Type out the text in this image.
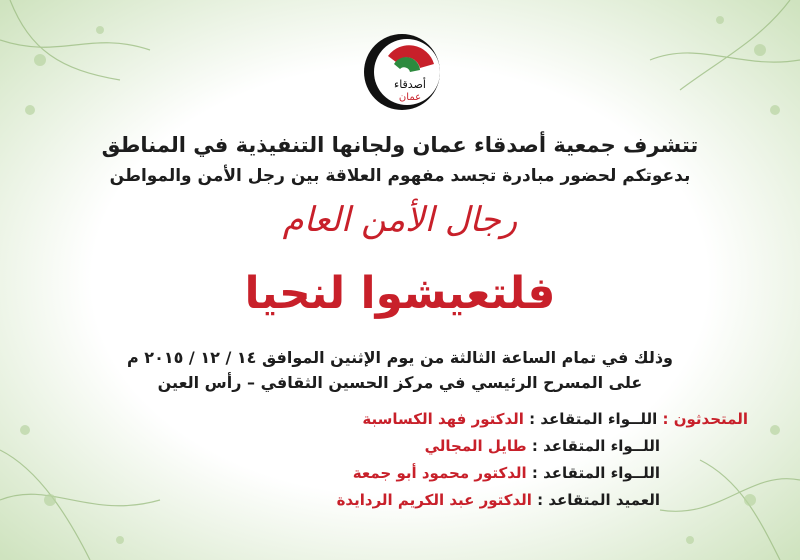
أصدقاء
عمان
تتشرف جمعية أصدقاء عمان ولجانها التنفيذية في المناطق
بدعوتكم لحضور مبادرة تجسد مفهوم العلاقة بين رجل الأمن والمواطن
رجال الأمن العام
فلتعيشوا لنحيا
وذلك في تمام الساعة الثالثة من يوم الإثنين الموافق ١٤ / ١٢ / ٢٠١٥ م
على المسرح الرئيسي في مركز الحسين الثقافي – رأس العين
المتحدثون : اللــواء المتقاعد : الدكتور فهد الكساسبة
اللــواء المتقاعد : طايل المجالي
اللــواء المتقاعد : الدكتور محمود أبو جمعة
العميد المتقاعد : الدكتور عبد الكريم الردايدة
